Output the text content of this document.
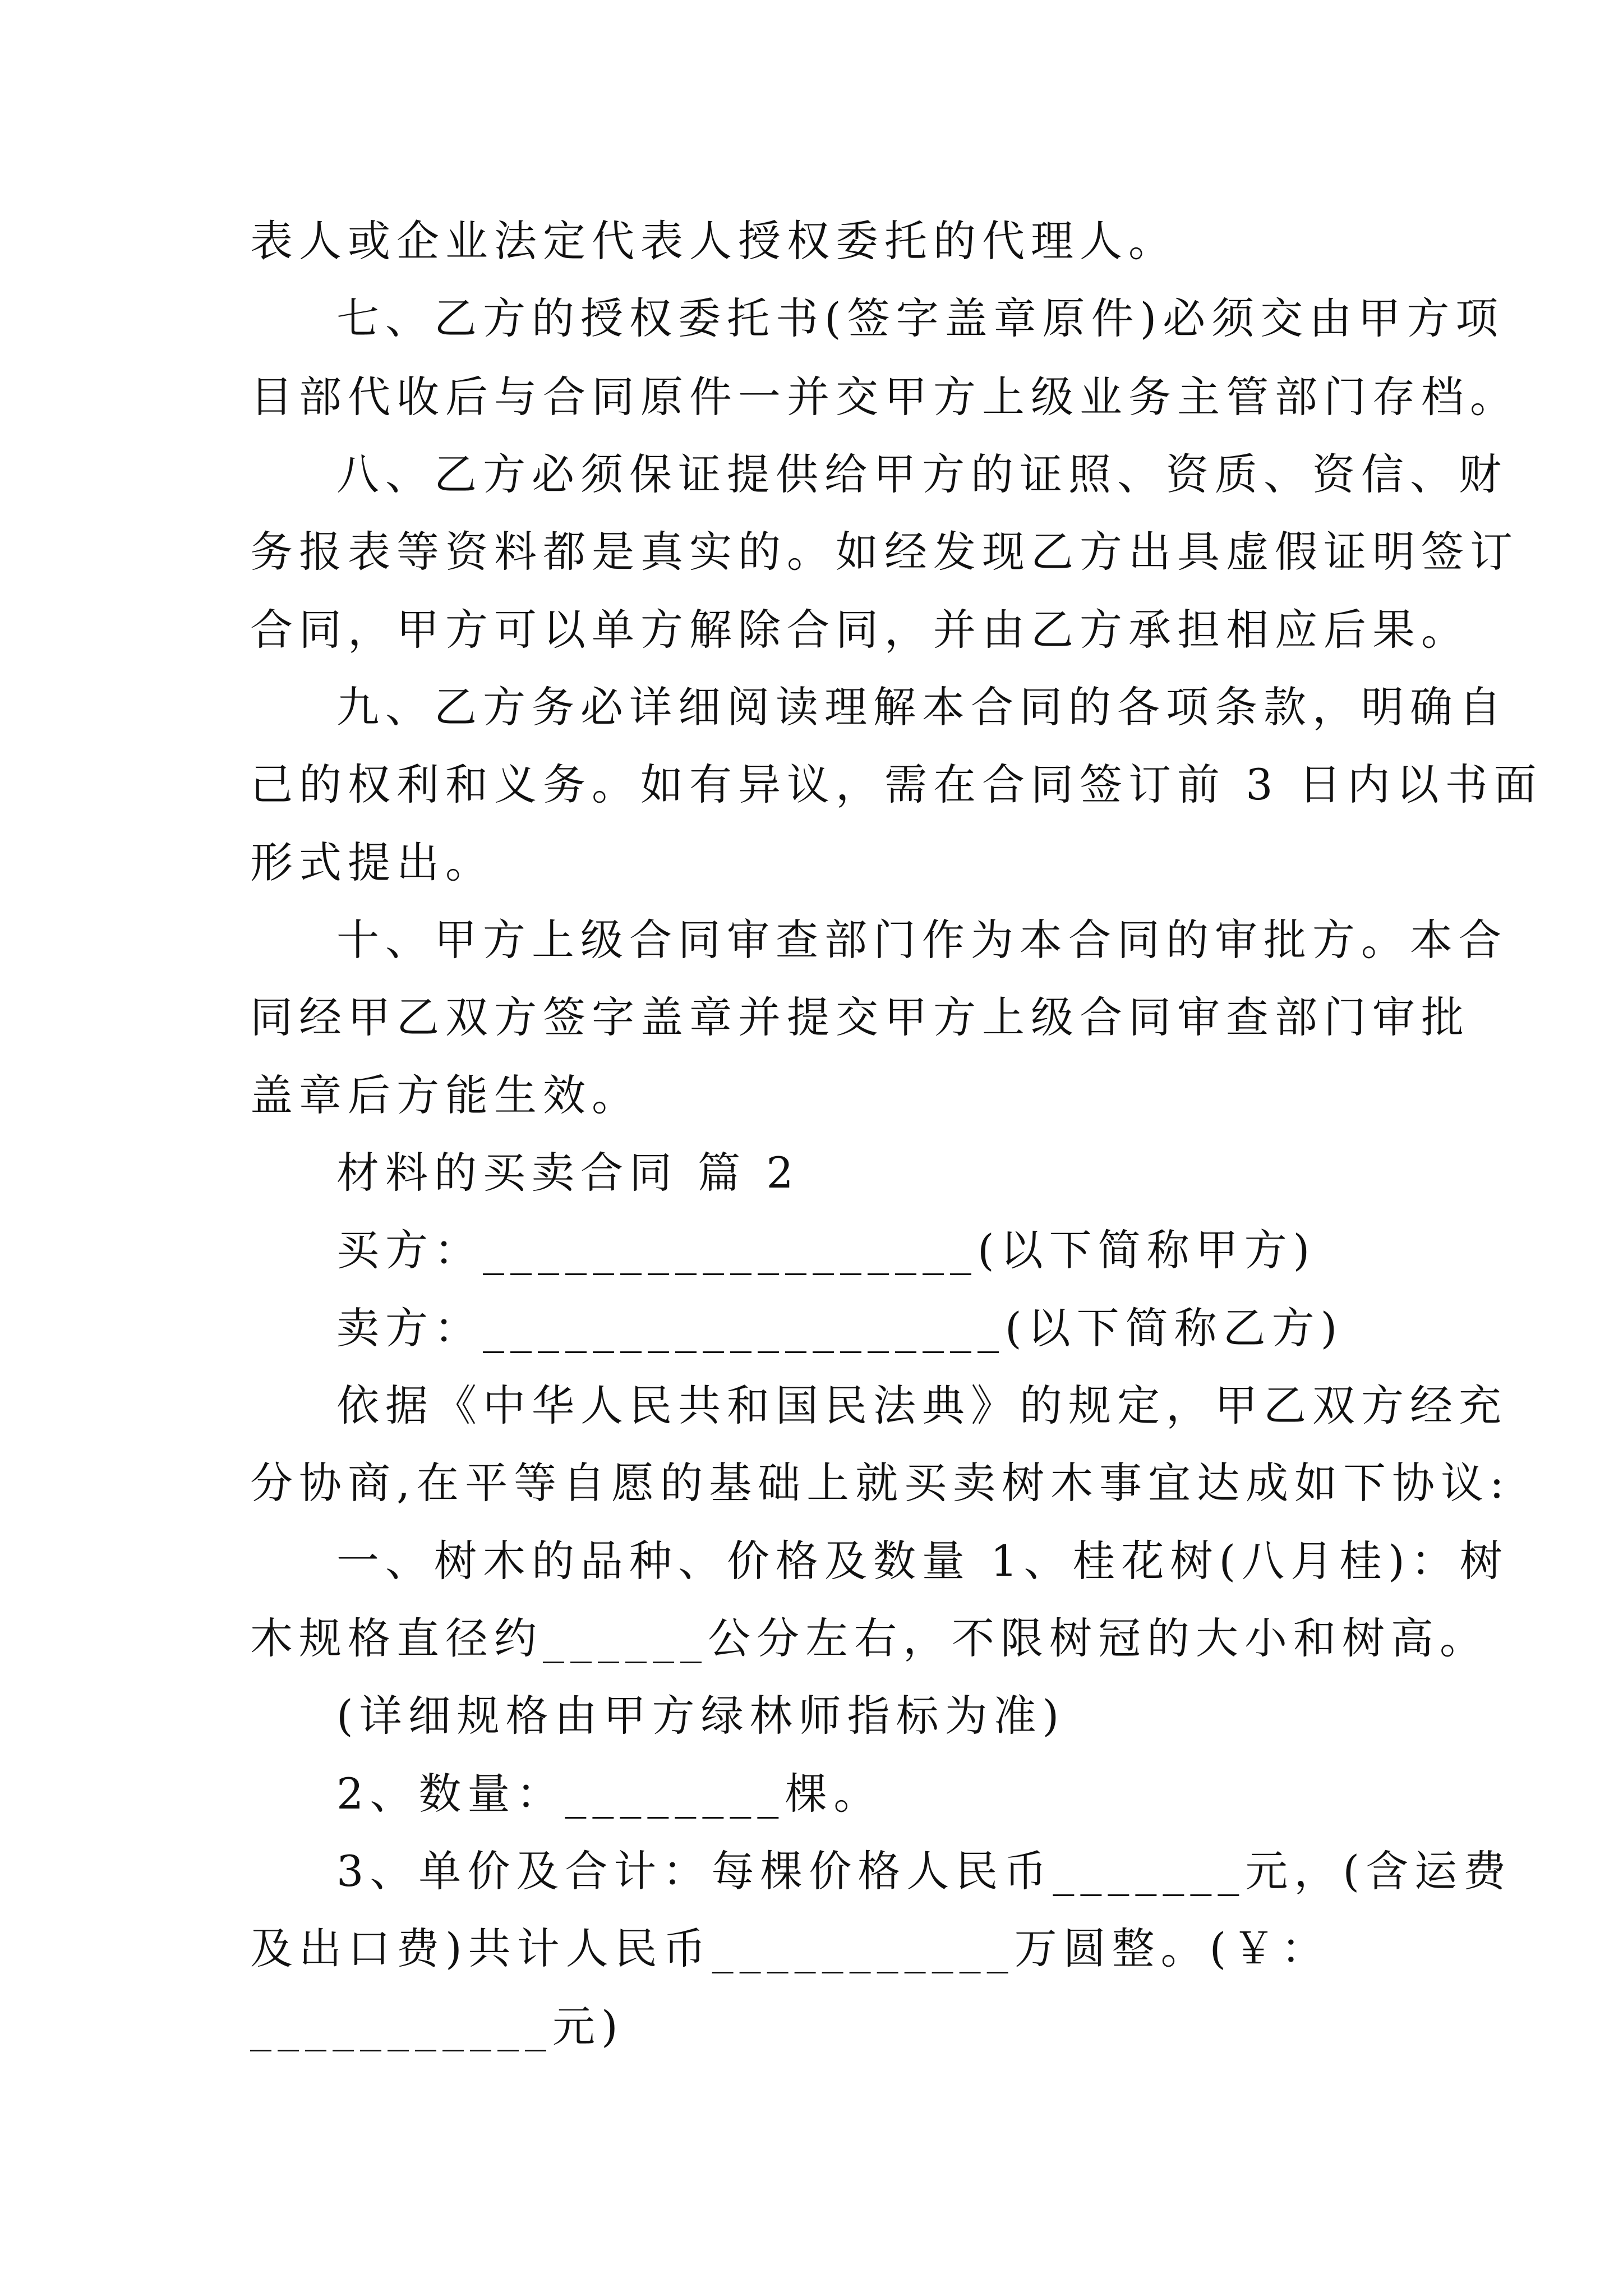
表人或企业法定代表人授权委托的代理人。
七、乙方的授权委托书(签字盖章原件)必须交由甲方项
目部代收后与合同原件一并交甲方上级业务主管部门存档。
八、乙方必须保证提供给甲方的证照、资质、资信、财
务报表等资料都是真实的。如经发现乙方出具虚假证明签订
合同，甲方可以单方解除合同，并由乙方承担相应后果。
九、乙方务必详细阅读理解本合同的各项条款，明确自
己的权利和义务。如有异议，需在合同签订前 3 日内以书面
形式提出。
十、甲方上级合同审查部门作为本合同的审批方。本合
同经甲乙双方签字盖章并提交甲方上级合同审查部门审批
盖章后方能生效。
材料的买卖合同 篇 2
买方：__________________(以下简称甲方)
卖方：___________________(以下简称乙方)
依据《中华人民共和国民法典》的规定，甲乙双方经充
分协商,在平等自愿的基础上就买卖树木事宜达成如下协议:
一、树木的品种、价格及数量 1、桂花树(八月桂)：树
木规格直径约______公分左右，不限树冠的大小和树高。
(详细规格由甲方绿林师指标为准)
2、数量：________棵。
3、单价及合计：每棵价格人民币_______元，(含运费
及出口费)共计人民币___________万圆整。(￥：
___________元)
